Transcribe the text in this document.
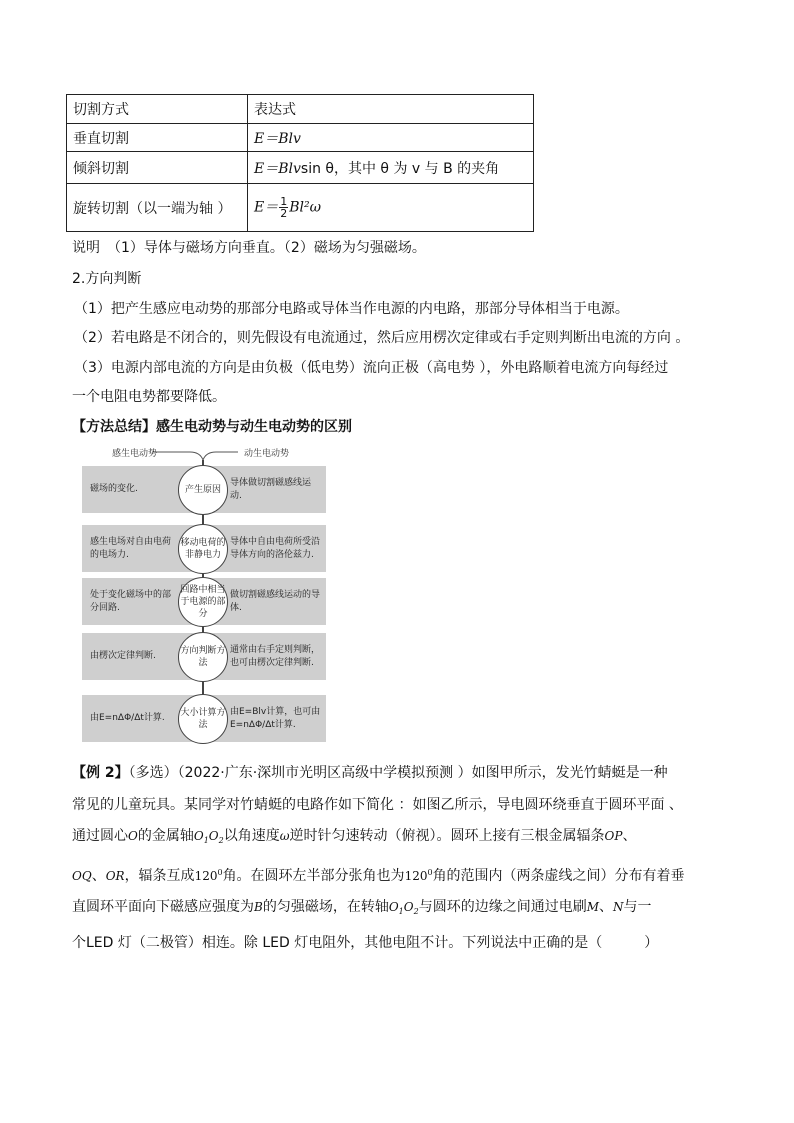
切割方式	表达式
垂直切割	E＝Blv
倾斜切割	E＝Blvsin θ，其中 θ 为 v 与 B 的夹角
旋转切割（以一端为轴 ）	$E= \frac{1}{2} Bl^2\omega$
说明　（1）导体与磁场方向垂直。（2）磁场为匀强磁场。
2.方向判断
（1）把产生感应电动势的那部分电路或导体当作电源的内电路，那部分导体相当于电源。
（2）若电路是不闭合的，则先假设有电流通过，然后应用楞次定律或右手定则判断出电流的方向 。
（3）电源内部电流的方向是由负极（低电势）流向正极（高电势 ），外电路顺着电流方向每经过
一个电阻电势都要降低。
【方法总结】感生电动势与动生电动势的区别
感生电动势	动生电动势
磁场的变化.
导体做切割磁感线运动.
感生电场对自由电荷的电场力.
导体中自由电荷所受沿导体方向的洛伦兹力.
处于变化磁场中的部分回路.
做切割磁感线运动的导体.
由楞次定律判断.
通常由右手定则判断，也可由楞次定律判断.
由E=nΔΦ/Δt计算.
由E=Blv计算，也可由E=nΔΦ/Δt计算.
产生原因
移动电荷的非静电力
回路中相当于电源的部分
方向判断方法
大小计算方法

【例 2】（多选）（2022·广东·深圳市光明区高级中学模拟预测 ）如图甲所示，发光竹蜻蜓是一种

常见的儿童玩具。某同学对竹蜻蜓的电路作如下简化 ：如图乙所示，导电圆环绕垂直于圆环平面 、

通过圆心O的金属轴$O_1O_2$以角速度ω逆时针匀速转动（俯视）。圆环上接有三根金属辐条OP、

OQ、OR，辐条互成$120^0$角。在圆环左半部分张角也为$120^0$角的范围内（两条虚线之间）分布有着垂

直圆环平面向下磁感应强度为B的匀强磁场，在转轴$O_1O_2$与圆环的边缘之间通过电刷M、N与一

个LED 灯（二极管）相连。除 LED 灯电阻外，其他电阻不计。下列说法中正确的是（　　　）
